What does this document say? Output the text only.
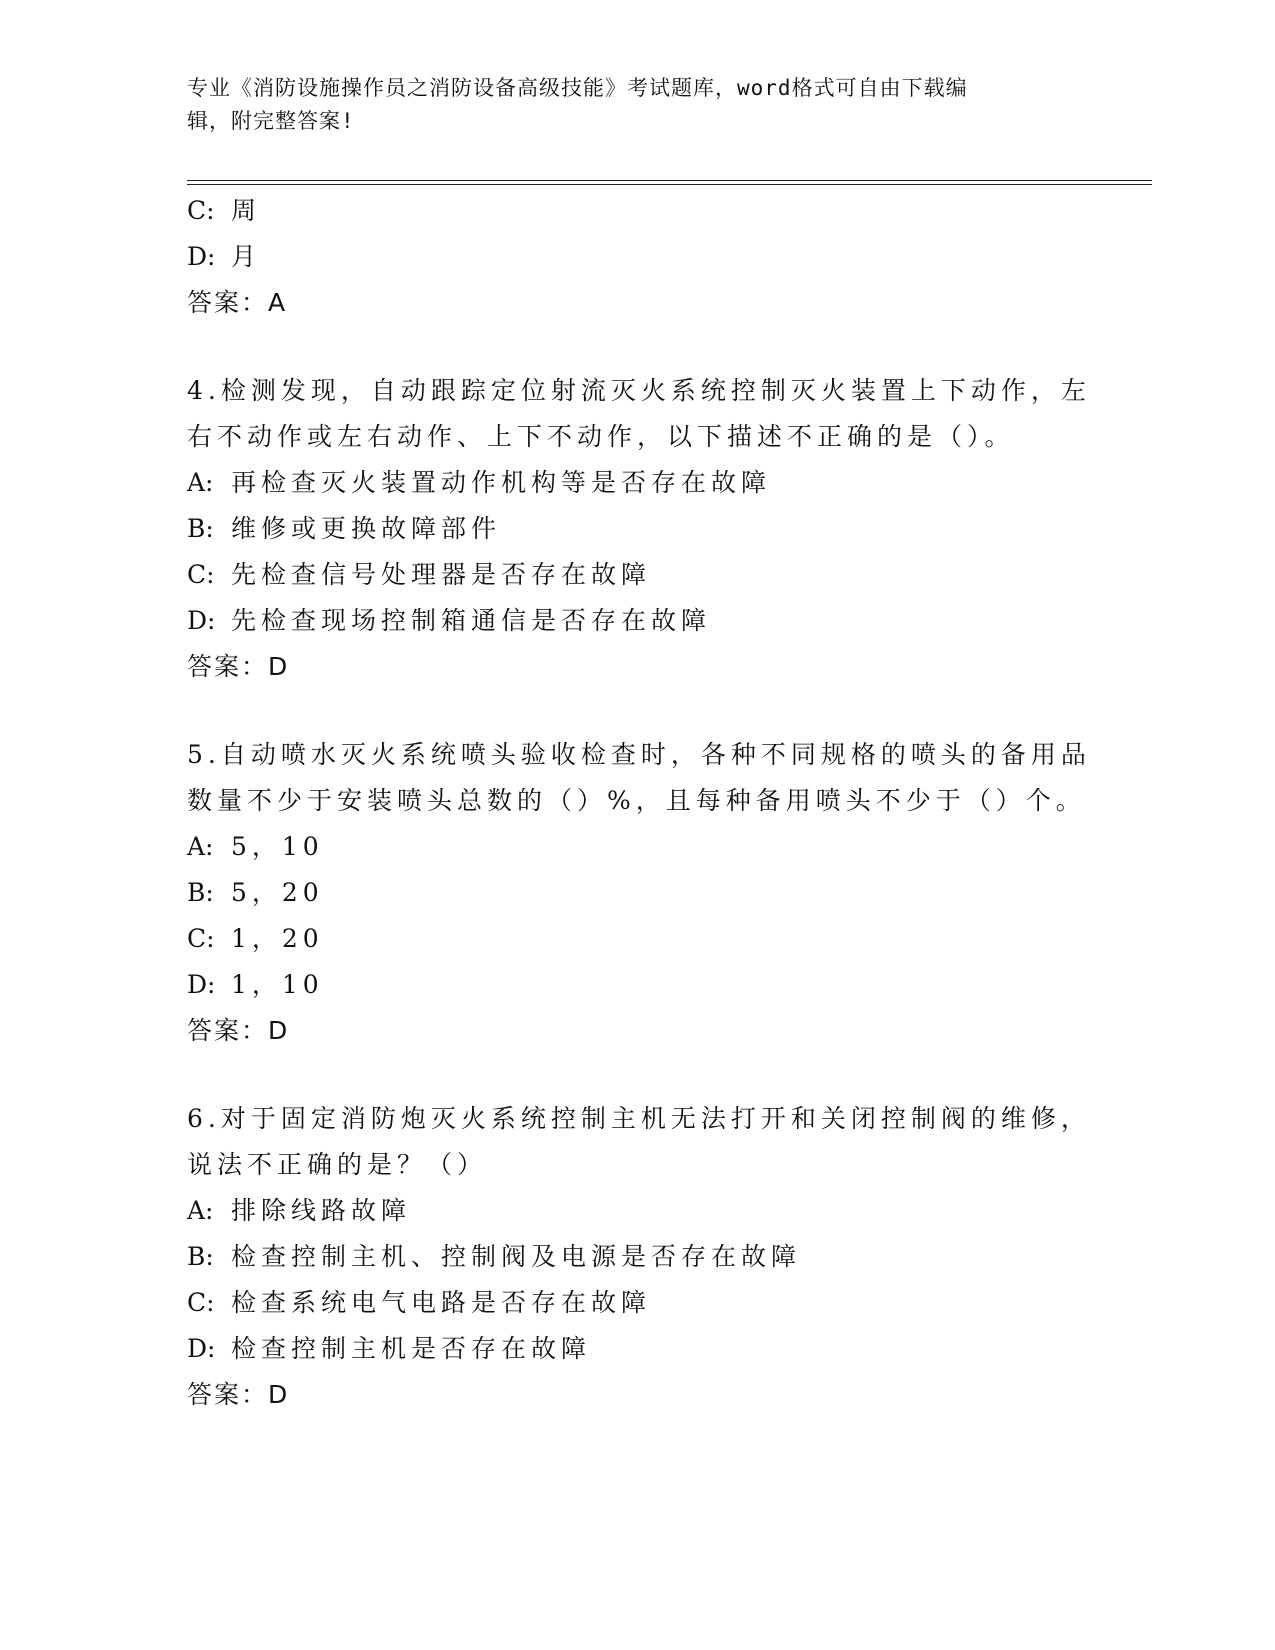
专业《消防设施操作员之消防设备高级技能》考试题库，word格式可自由下载编
辑，附完整答案!
C: 周
D: 月
答案：A
4.检测发现，自动跟踪定位射流灭火系统控制灭火装置上下动作，左
右不动作或左右动作、上下不动作，以下描述不正确的是（）。
A: 再检查灭火装置动作机构等是否存在故障
B: 维修或更换故障部件
C: 先检查信号处理器是否存在故障
D: 先检查现场控制箱通信是否存在故障
答案：D
5.自动喷水灭火系统喷头验收检查时，各种不同规格的喷头的备用品
数量不少于安装喷头总数的（）%，且每种备用喷头不少于（）个。
A: 5，10
B: 5，20
C: 1，20
D: 1，10
答案：D
6.对于固定消防炮灭火系统控制主机无法打开和关闭控制阀的维修，
说法不正确的是？（）
A: 排除线路故障
B: 检查控制主机、控制阀及电源是否存在故障
C: 检查系统电气电路是否存在故障
D: 检查控制主机是否存在故障
答案：D
